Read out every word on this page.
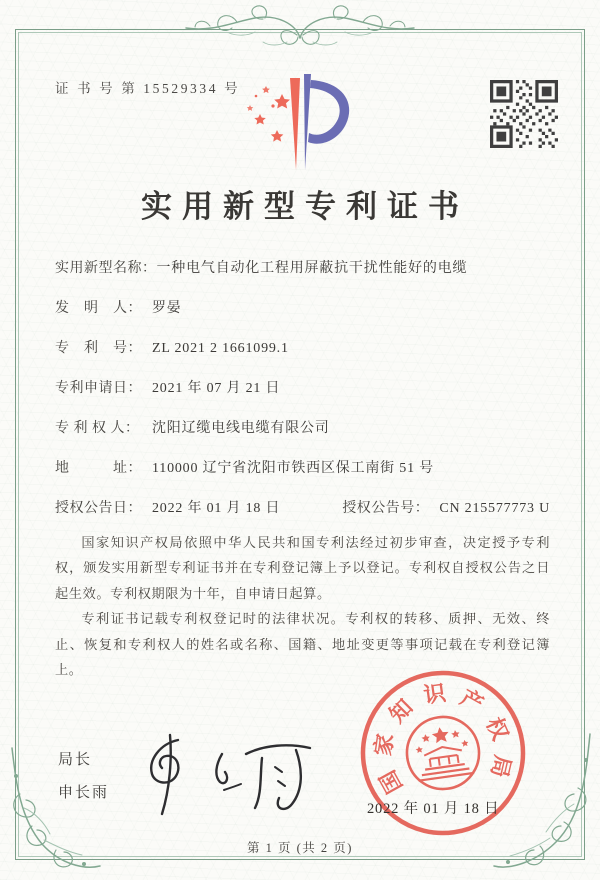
证 书 号 第 15529334 号
实用新型专利证书
实用新型名称： 一种电气自动化工程用屏蔽抗干扰性能好的电缆
发　明　人： 罗晏
专　利　号： ZL 2021 2 1661099.1
专利申请日： 2021 年 07 月 21 日
专 利 权 人： 沈阳辽缆电线电缆有限公司
地　　　址： 110000 辽宁省沈阳市铁西区保工南街 51 号
授权公告日： 2022 年 01 月 18 日	授权公告号： CN 215577773 U

国家知识产权局依照中华人民共和国专利法经过初步审查，决定授予专利权，颁发实用新型专利证书并在专利登记簿上予以登记。专利权自授权公告之日起生效。专利权期限为十年，自申请日起算。

专利证书记载专利权登记时的法律状况。专利权的转移、质押、无效、终止、恢复和专利权人的姓名或名称、国籍、地址变更等事项记载在专利登记簿上。

局长
申长雨	国
家
知
识 产
权
局
2022 年 01 月 18 日
第 1 页 (共 2 页)
